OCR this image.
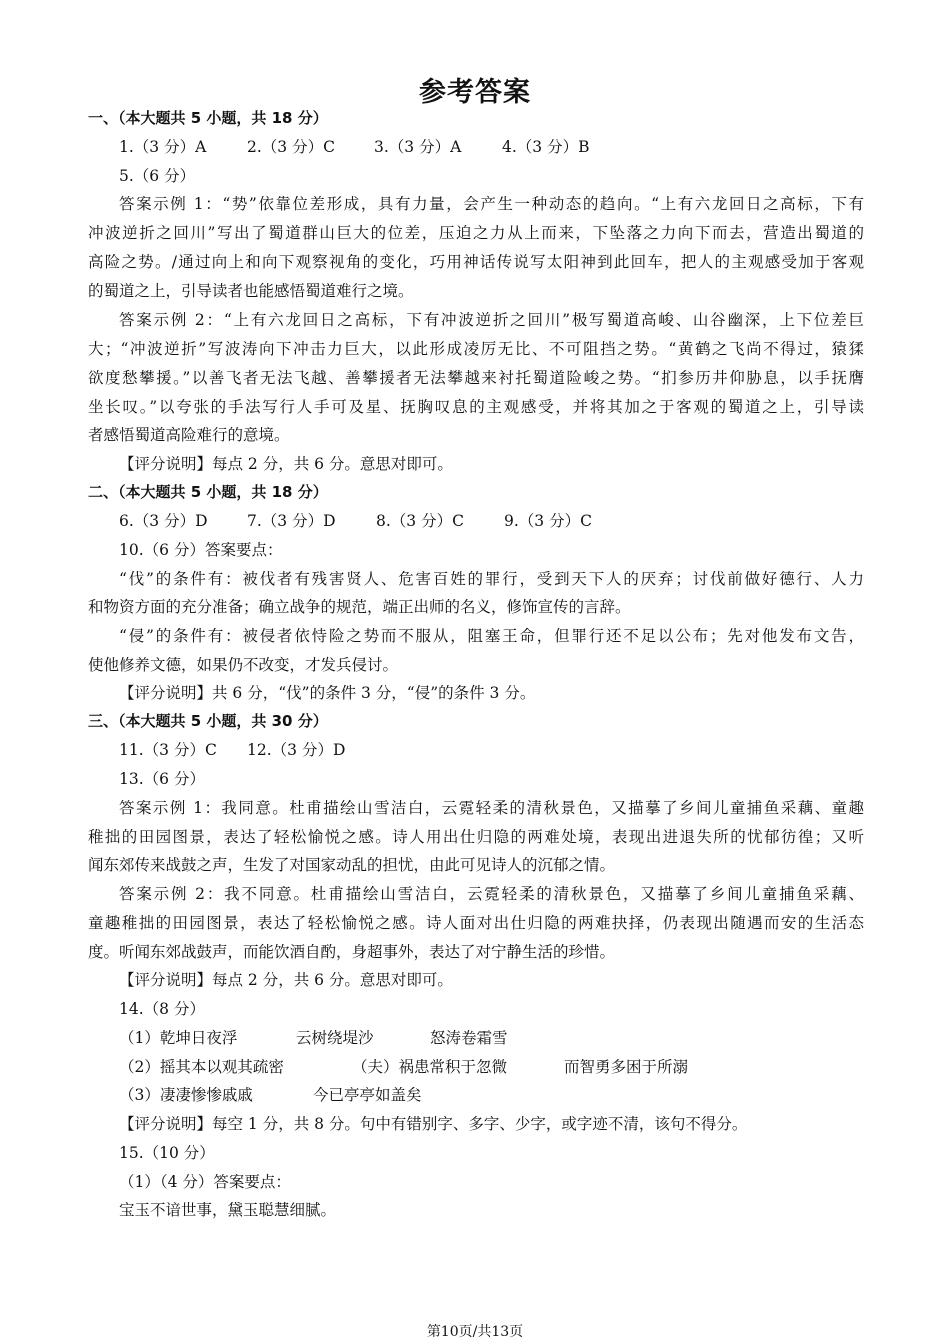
参考答案
一、（本大题共 5 小题，共 18 分）
1.（3 分）A	2.（3 分）C	3.（3 分）A	4.（3 分）B
5.（6 分）
答案示例 1：“势”依靠位差形成，具有力量，会产生一种动态的趋向。“上有六龙回日之高标，下有
冲波逆折之回川”写出了蜀道群山巨大的位差，压迫之力从上而来，下坠落之力向下而去，营造出蜀道的
高险之势。/通过向上和向下观察视角的变化，巧用神话传说写太阳神到此回车，把人的主观感受加于客观
的蜀道之上，引导读者也能感悟蜀道难行之境。
答案示例 2：“上有六龙回日之高标，下有冲波逆折之回川”极写蜀道高峻、山谷幽深，上下位差巨
大；“冲波逆折”写波涛向下冲击力巨大，以此形成凌厉无比、不可阻挡之势。“黄鹤之飞尚不得过，猿猱
欲度愁攀援。”以善飞者无法飞越、善攀援者无法攀越来衬托蜀道险峻之势。“扪参历井仰胁息，以手抚膺
坐长叹。”以夸张的手法写行人手可及星、抚胸叹息的主观感受，并将其加之于客观的蜀道之上，引导读
者感悟蜀道高险难行的意境。
【评分说明】每点 2 分，共 6 分。意思对即可。
二、（本大题共 5 小题，共 18 分）
6.（3 分）D	7.（3 分）D	8.（3 分）C	9.（3 分）C
10.（6 分）答案要点：
“伐”的条件有：被伐者有残害贤人、危害百姓的罪行，受到天下人的厌弃；讨伐前做好德行、人力
和物资方面的充分准备；确立战争的规范，端正出师的名义，修饰宣传的言辞。
“侵”的条件有：被侵者依恃险之势而不服从，阻塞王命，但罪行还不足以公布；先对他发布文告，
使他修养文德，如果仍不改变，才发兵侵讨。
【评分说明】共 6 分，“伐”的条件 3 分，“侵”的条件 3 分。
三、（本大题共 5 小题，共 30 分）
11.（3 分）C 12.（3 分）D
13.（6 分）
答案示例 1：我同意。杜甫描绘山雪洁白，云霓轻柔的清秋景色，又描摹了乡间儿童捕鱼采藕、童趣
稚拙的田园图景，表达了轻松愉悦之感。诗人用出仕归隐的两难处境，表现出进退失所的忧郁彷徨；又听
闻东郊传来战鼓之声，生发了对国家动乱的担忧，由此可见诗人的沉郁之情。
答案示例 2：我不同意。杜甫描绘山雪洁白，云霓轻柔的清秋景色，又描摹了乡间儿童捕鱼采藕、
童趣稚拙的田园图景，表达了轻松愉悦之感。诗人面对出仕归隐的两难抉择，仍表现出随遇而安的生活态
度。听闻东郊战鼓声，而能饮酒自酌，身超事外，表达了对宁静生活的珍惜。
【评分说明】每点 2 分，共 6 分。意思对即可。
14.（8 分）
（1）乾坤日夜浮	云树绕堤沙	怒涛卷霜雪
（2）摇其本以观其疏密	（夫）祸患常积于忽微	而智勇多困于所溺
（3）凄凄惨惨戚戚	今已亭亭如盖矣
【评分说明】每空 1 分，共 8 分。句中有错别字、多字、少字，或字迹不清，该句不得分。
15.（10 分）
（1）（4 分）答案要点：
宝玉不谙世事，黛玉聪慧细腻。
第10页/共13页
